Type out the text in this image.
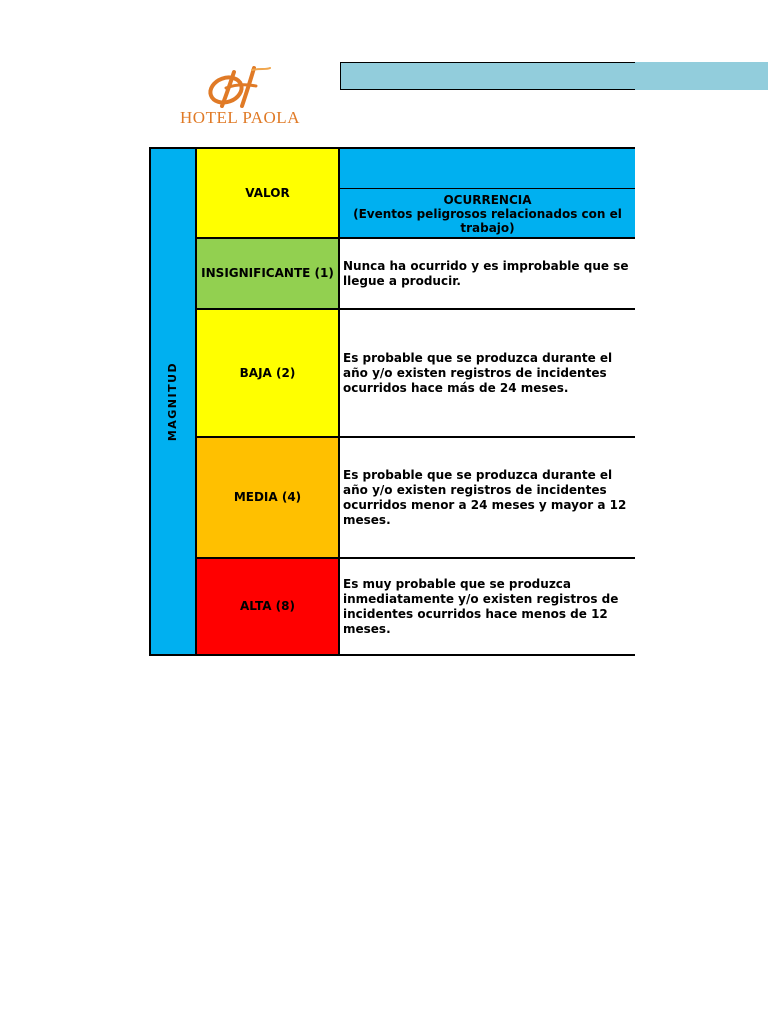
HOTEL PAOLA
MAGNITUD
VALOR
OCURRENCIA
(Eventos peligrosos relacionados con el trabajo)
INSIGNIFICANTE (1)
Nunca ha ocurrido y es improbable que se llegue a producir.
BAJA (2)
Es probable que se produzca durante el año y/o existen registros de incidentes ocurridos hace más de 24 meses.
MEDIA (4)
Es probable que se produzca durante el año y/o existen registros de incidentes ocurridos menor a 24 meses y mayor a 12 meses.
ALTA (8)
Es muy probable que se produzca inmediatamente y/o existen registros de incidentes ocurridos hace menos de 12 meses.
